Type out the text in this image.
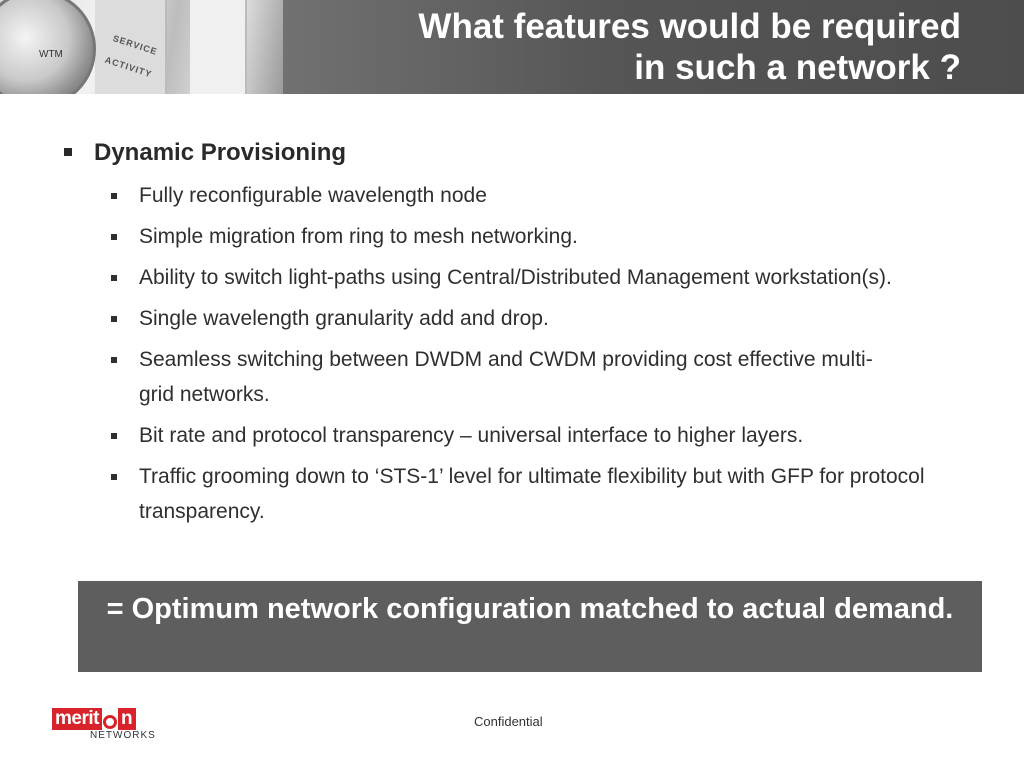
WTM	SERVICE
ACTIVITY
What features would be required
in such a network ?
Dynamic Provisioning
Fully reconfigurable wavelength node
Simple migration from ring to mesh networking.
Ability to switch light-paths using Central/Distributed Management workstation(s).
Single wavelength granularity add and drop.
Seamless switching between DWDM and CWDM providing cost effective multi-grid networks.
Bit rate and protocol transparency – universal interface to higher layers.
Traffic grooming down to ‘STS-1’ level for ultimate flexibility but with GFP for protocol transparency.
= Optimum network configuration matched to actual demand.
merit n
NETWORKS
Confidential
